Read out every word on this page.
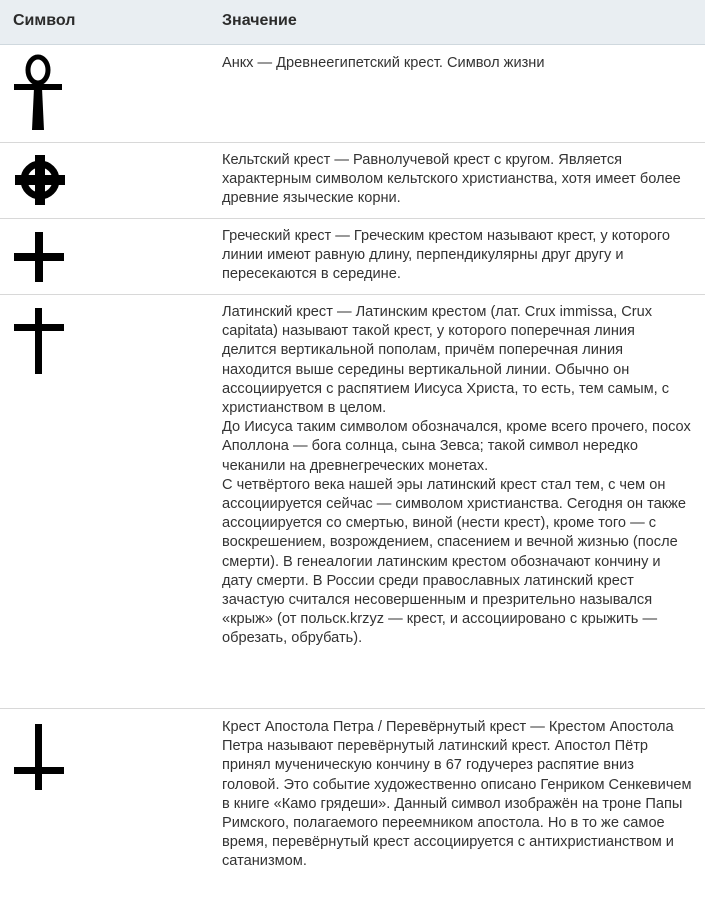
Символ	Значение
Анкх — Древнеегипетский крест. Символ жизни
Кельтский крест — Равнолучевой крест с кругом. Является характерным символом кельтского христианства, хотя имеет более древние языческие корни.
Греческий крест — Греческим крестом называют крест, у которого линии имеют равную длину, перпендикулярны друг другу и пересекаются в середине.
Латинский крест — Латинским крестом (лат. Crux immissa, Crux capitata) называют такой крест, у которого поперечная линия делится вертикальной пополам, причём поперечная линия находится выше середины вертикальной линии. Обычно он ассоциируется с распятием Иисуса Христа, то есть, тем самым, с христианством в целом.
До Иисуса таким символом обозначался, кроме всего прочего, посох Аполлона — бога солнца, сына Зевса; такой символ нередко чеканили на древнегреческих монетах.
С четвёртого века нашей эры латинский крест стал тем, с чем он ассоциируется сейчас — символом христианства. Сегодня он также ассоциируется со смертью, виной (нести крест), кроме того — с воскрешением, возрождением, спасением и вечной жизнью (после смерти). В генеалогии латинским крестом обозначают кончину и дату смерти. В России среди православных латинский крест зачастую считался несовершенным и презрительно назывался «крыж» (от польск.krzyz — крест, и ассоциировано с крыжить — обрезать, обрубать).
Крест Апостола Петра / Перевёрнутый крест — Крестом Апостола Петра называют перевёрнутый латинский крест. Апостол Пётр принял мученическую кончину в 67 годучерез распятие вниз головой. Это событие художественно описано Генриком Сенкевичем в книге «Камо грядеши». Данный символ изображён на троне Папы Римского, полагаемого переемником апостола. Но в то же самое время, перевёрнутый крест ассоциируется с антихристианством и сатанизмом.
